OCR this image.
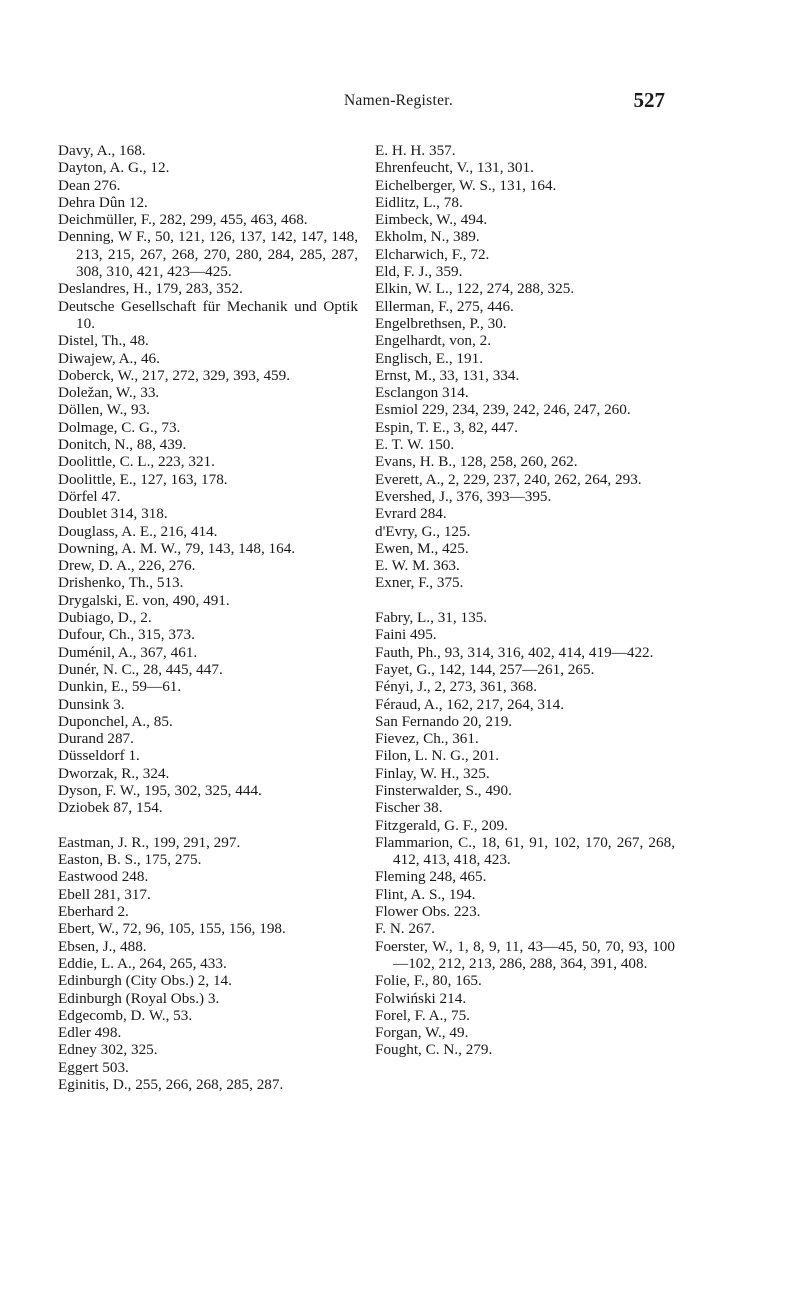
Namen-Register.	527
Davy, A., 168.
Dayton, A. G., 12.
Dean 276.
Dehra Dûn 12.
Deichmüller, F., 282, 299, 455, 463, 468.
Denning, W F., 50, 121, 126, 137, 142, 147, 148, 213, 215, 267, 268, 270, 280, 284, 285, 287, 308, 310, 421, 423—425.
Deslandres, H., 179, 283, 352.
Deutsche Gesellschaft für Mechanik und Optik 10.
Distel, Th., 48.
Diwajew, A., 46.
Doberck, W., 217, 272, 329, 393, 459.
Doležan, W., 33.
Döllen, W., 93.
Dolmage, C. G., 73.
Donitch, N., 88, 439.
Doolittle, C. L., 223, 321.
Doolittle, E., 127, 163, 178.
Dörfel 47.
Doublet 314, 318.
Douglass, A. E., 216, 414.
Downing, A. M. W., 79, 143, 148, 164.
Drew, D. A., 226, 276.
Drishenko, Th., 513.
Drygalski, E. von, 490, 491.
Dubiago, D., 2.
Dufour, Ch., 315, 373.
Duménil, A., 367, 461.
Dunér, N. C., 28, 445, 447.
Dunkin, E., 59—61.
Dunsink 3.
Duponchel, A., 85.
Durand 287.
Düsseldorf 1.
Dworzak, R., 324.
Dyson, F. W., 195, 302, 325, 444.
Dziobek 87, 154.
Eastman, J. R., 199, 291, 297.
Easton, B. S., 175, 275.
Eastwood 248.
Ebell 281, 317.
Eberhard 2.
Ebert, W., 72, 96, 105, 155, 156, 198.
Ebsen, J., 488.
Eddie, L. A., 264, 265, 433.
Edinburgh (City Obs.) 2, 14.
Edinburgh (Royal Obs.) 3.
Edgecomb, D. W., 53.
Edler 498.
Edney 302, 325.
Eggert 503.
Eginitis, D., 255, 266, 268, 285, 287.
E. H. H. 357.
Ehrenfeucht, V., 131, 301.
Eichelberger, W. S., 131, 164.
Eidlitz, L., 78.
Eimbeck, W., 494.
Ekholm, N., 389.
Elcharwich, F., 72.
Eld, F. J., 359.
Elkin, W. L., 122, 274, 288, 325.
Ellerman, F., 275, 446.
Engelbrethsen, P., 30.
Engelhardt, von, 2.
Englisch, E., 191.
Ernst, M., 33, 131, 334.
Esclangon 314.
Esmiol 229, 234, 239, 242, 246, 247, 260.
Espin, T. E., 3, 82, 447.
E. T. W. 150.
Evans, H. B., 128, 258, 260, 262.
Everett, A., 2, 229, 237, 240, 262, 264, 293.
Evershed, J., 376, 393—395.
Evrard 284.
d'Evry, G., 125.
Ewen, M., 425.
E. W. M. 363.
Exner, F., 375.
Fabry, L., 31, 135.
Faini 495.
Fauth, Ph., 93, 314, 316, 402, 414, 419—422.
Fayet, G., 142, 144, 257—261, 265.
Fényi, J., 2, 273, 361, 368.
Féraud, A., 162, 217, 264, 314.
San Fernando 20, 219.
Fievez, Ch., 361.
Filon, L. N. G., 201.
Finlay, W. H., 325.
Finsterwalder, S., 490.
Fischer 38.
Fitzgerald, G. F., 209.
Flammarion, C., 18, 61, 91, 102, 170, 267, 268, 412, 413, 418, 423.
Fleming 248, 465.
Flint, A. S., 194.
Flower Obs. 223.
F. N. 267.
Foerster, W., 1, 8, 9, 11, 43—45, 50, 70, 93, 100—102, 212, 213, 286, 288, 364, 391, 408.
Folie, F., 80, 165.
Folwiński 214.
Forel, F. A., 75.
Forgan, W., 49.
Fought, C. N., 279.
